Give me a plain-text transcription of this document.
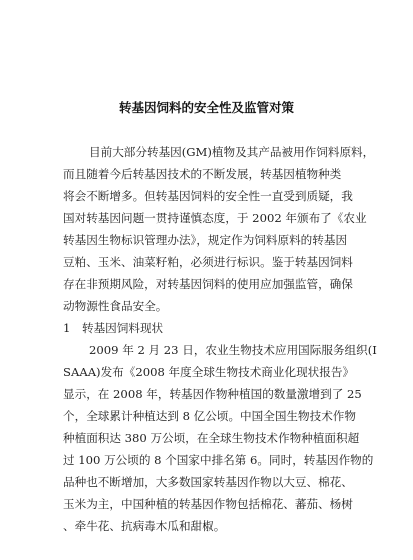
转基因饲料的安全性及监管对策
目前大部分转基因(GM)植物及其产品被用作饲料原料，
而且随着今后转基因技术的不断发展，转基因植物种类
将会不断增多。但转基因饲料的安全性一直受到质疑，我
国对转基因问题一贯持谨慎态度，于 2002 年颁布了《农业
转基因生物标识管理办法》，规定作为饲料原料的转基因
豆粕、玉米、油菜籽粕，必须进行标识。鉴于转基因饲料
存在非预期风险，对转基因饲料的使用应加强监管，确保
动物源性食品安全。
1　转基因饲料现状
2009 年 2 月 23 日，农业生物技术应用国际服务组织(I
SAAA)发布《2008 年度全球生物技术商业化现状报告》
显示，在 2008 年，转基因作物种植国的数量激增到了 25
个，全球累计种植达到 8 亿公顷。中国全国生物技术作物
种植面积达 380 万公顷，在全球生物技术作物种植面积超
过 100 万公顷的 8 个国家中排名第 6。同时，转基因作物的
品种也不断增加，大多数国家转基因作物以大豆、棉花、
玉米为主，中国种植的转基因作物包括棉花、蕃茄、杨树
、牵牛花、抗病毒木瓜和甜椒。
